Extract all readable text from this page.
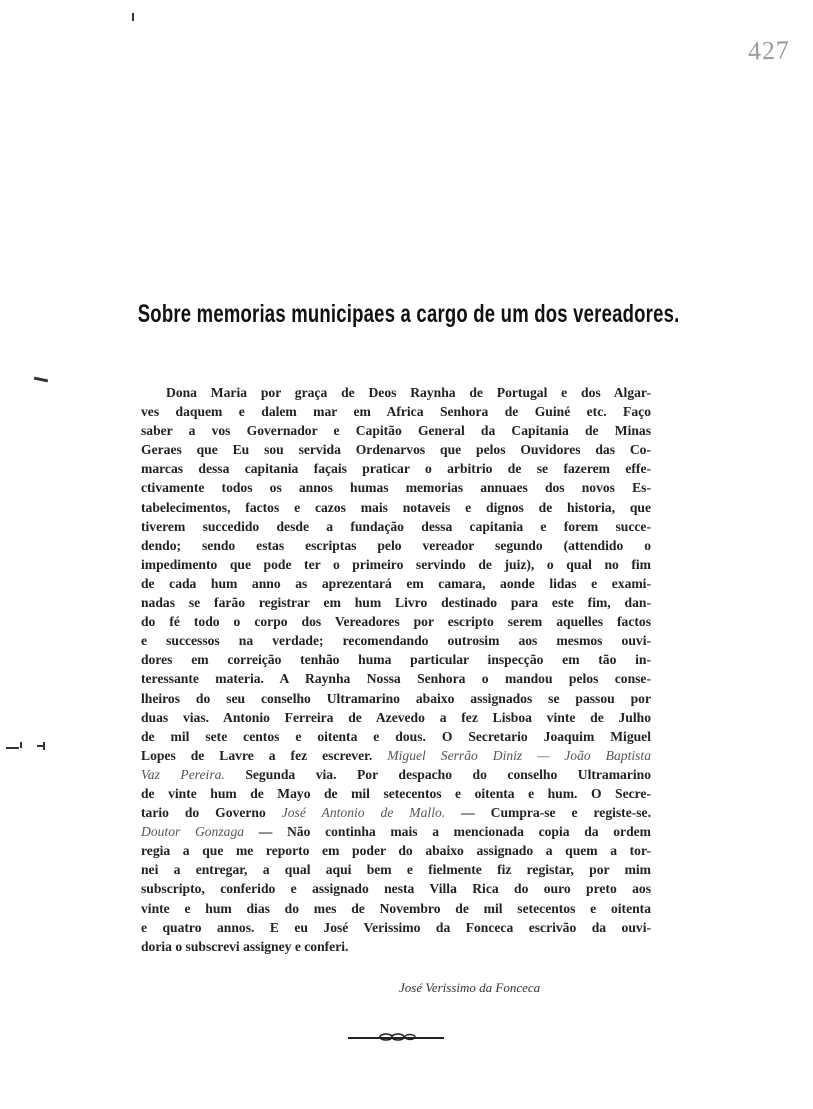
427
Sobre memorias municipaes a cargo de um dos vereadores.
Dona Maria por graça de Deos Raynha de Portugal e dos Algar-
ves daquem e dalem mar em Africa Senhora de Guiné etc. Faço
saber a vos Governador e Capitão General da Capitania de Minas
Geraes que Eu sou servida Ordenarvos que pelos Ouvidores das Co-
marcas dessa capitania façais praticar o arbitrio de se fazerem effe-
ctivamente todos os annos humas memorias annuaes dos novos Es-
tabelecimentos, factos e cazos mais notaveis e dignos de historia, que
tiverem succedido desde a fundação dessa capitania e forem succe-
dendo; sendo estas escriptas pelo vereador segundo (attendido o
impedimento que pode ter o primeiro servindo de juiz), o qual no fim
de cada hum anno as aprezentará em camara, aonde lidas e exami-
nadas se farão registrar em hum Livro destinado para este fim, dan-
do fé todo o corpo dos Vereadores por escripto serem aquelles factos
e successos na verdade; recomendando outrosim aos mesmos ouvi-
dores em correição tenhão huma particular inspecção em tão in-
teressante materia. A Raynha Nossa Senhora o mandou pelos conse-
lheiros do seu conselho Ultramarino abaixo assignados se passou por
duas vias. Antonio Ferreira de Azevedo a fez Lisboa vinte de Julho
de mil sete centos e oitenta e dous. O Secretario Joaquim Miguel
Lopes de Lavre a fez escrever. Miguel Serrão Diniz — João Baptista
Vaz Pereira. Segunda via. Por despacho do conselho Ultramarino
de vinte hum de Mayo de mil setecentos e oitenta e hum. O Secre-
tario do Governo José Antonio de Mallo. — Cumpra-se e registe-se.
Doutor Gonzaga — Não continha mais a mencionada copia da ordem
regia a que me reporto em poder do abaixo assignado a quem a tor-
nei a entregar, a qual aqui bem e fielmente fiz registar, por mim
subscripto, conferido e assignado nesta Villa Rica do ouro preto aos
vinte e hum dias do mes de Novembro de mil setecentos e oitenta
e quatro annos. E eu José Verissimo da Fonceca escrivão da ouvi-
doria o subscrevi assigney e conferi.
José Verissimo da Fonceca
